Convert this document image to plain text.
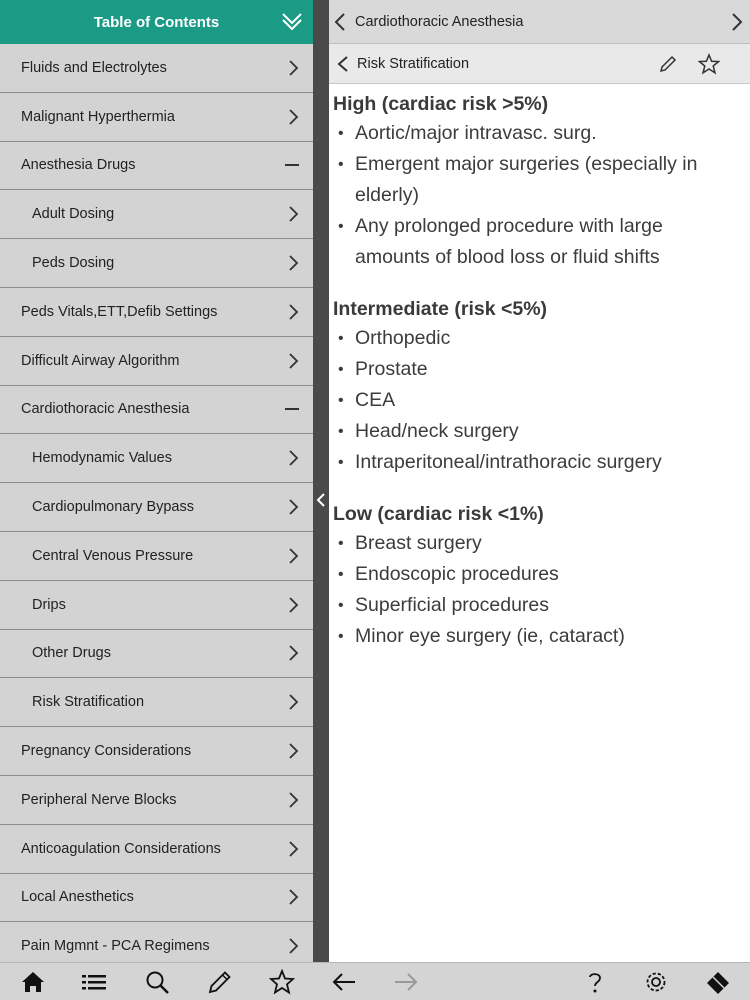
Table of Contents
Fluids and Electrolytes
Malignant Hyperthermia
Anesthesia Drugs
Adult Dosing
Peds Dosing
Peds Vitals,ETT,Defib Settings
Difficult Airway Algorithm
Cardiothoracic Anesthesia
Hemodynamic Values
Cardiopulmonary Bypass
Central Venous Pressure
Drips
Other Drugs
Risk Stratification
Pregnancy Considerations
Peripheral Nerve Blocks
Anticoagulation Considerations
Local Anesthetics
Pain Mgmnt - PCA Regimens
Cardiothoracic Anesthesia
Risk Stratification
High (cardiac risk >5%)
• Aortic/major intravasc. surg.
• Emergent major surgeries (especially in elderly)
• Any prolonged procedure with large amounts of blood loss or fluid shifts
Intermediate (risk <5%)
• Orthopedic
• Prostate
• CEA
• Head/neck surgery
• Intraperitoneal/intrathoracic surgery
Low (cardiac risk <1%)
• Breast surgery
• Endoscopic procedures
• Superficial procedures
• Minor eye surgery (ie, cataract)
